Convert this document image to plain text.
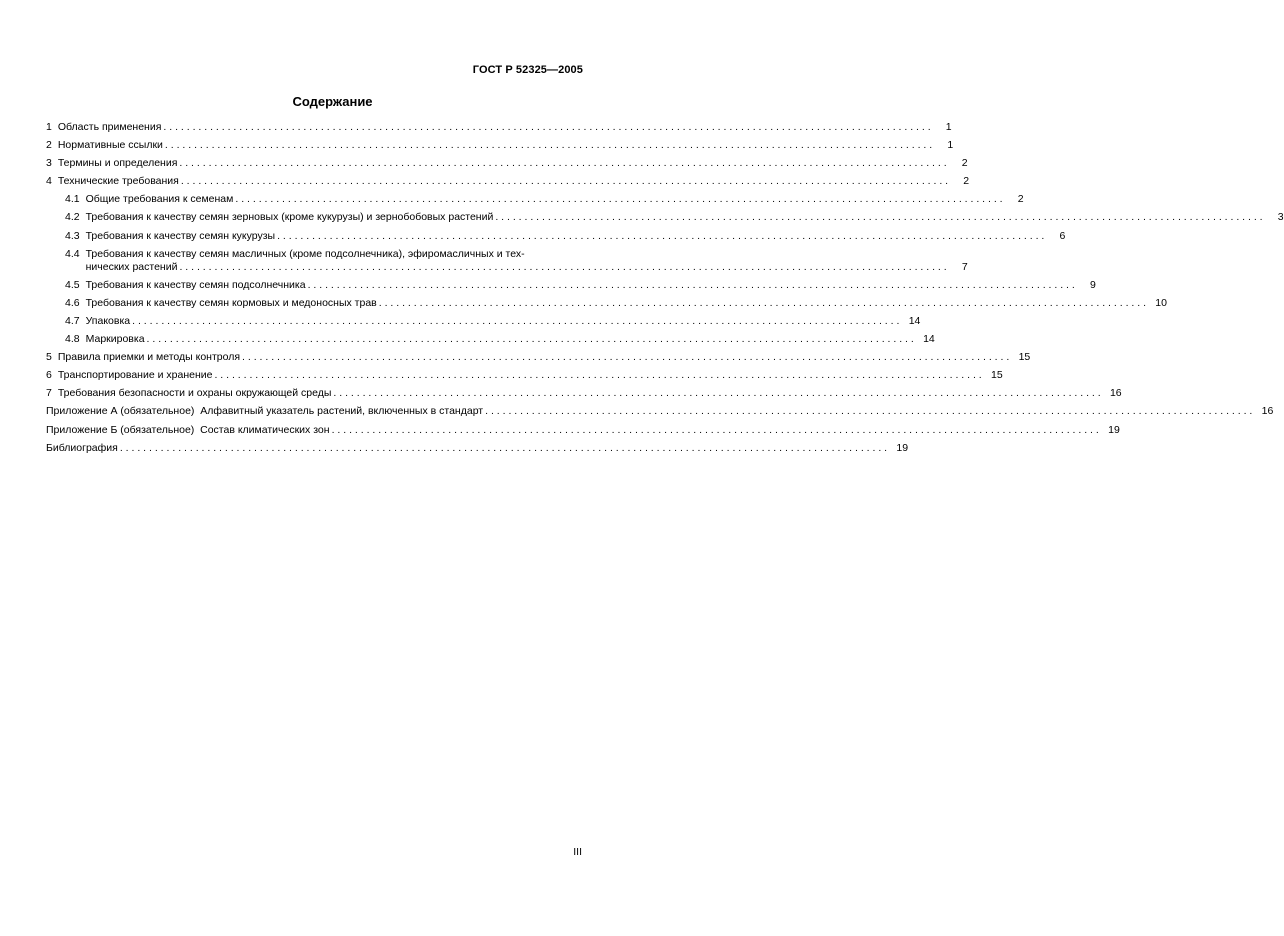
ГОСТ Р 52325—2005
Содержание
1 Область применения . . .	1
2 Нормативные ссылки . . .	1
3 Термины и определения . . .	2
4 Технические требования . . .	2
4.1 Общие требования к семенам . . .	2
4.2 Требования к качеству семян зерновых (кроме кукурузы) и зернобобовых растений . . .	3
4.3 Требования к качеству семян кукурузы . . .	6
4.4 Требования к качеству семян масличных (кроме подсолнечника), эфиромасличных и тех-
нических растений . . .	7
4.5 Требования к качеству семян подсолнечника . . .	9
4.6 Требования к качеству семян кормовых и медоносных трав . . .	10
4.7 Упаковка . . .	14
4.8 Маркировка . . .	14
5 Правила приемки и методы контроля . . .	15
6 Транспортирование и хранение . . .	15
7 Требования безопасности и охраны окружающей среды . . .	16
Приложение А (обязательное)  Алфавитный указатель растений, включенных в стандарт . . .	16
Приложение Б (обязательное)  Состав климатических зон . . .	19
Библиография . . .	19
III
